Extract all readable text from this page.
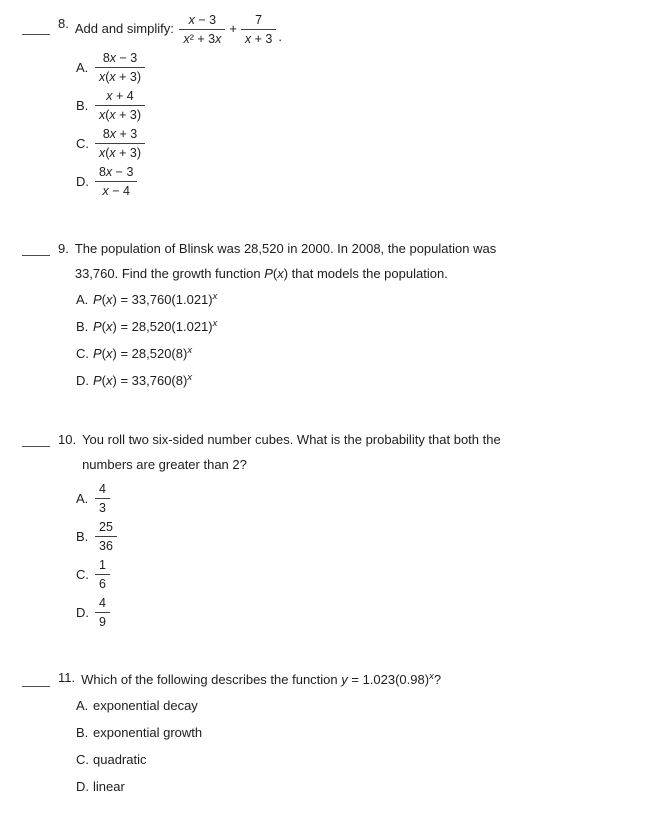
8. Add and simplify: $\frac{x - 3}{\text{x² + 3x}} + \frac{7}{x + 3}$ .
A. $\frac{8x - 3}{x(x + 3)}$
B. $\frac{x + 4}{x(x + 3)}$
C. $\frac{8x + 3}{x(x + 3)}$
D. $\frac{8x - 3}{x - 4}$
9. The population of Blinsk was 28,520 in 2000. In 2008, the population was
33,760. Find the growth function P(x) that models the population.
A. $P(x) = 33,760(1.021)^x$
B. $P(x) = 28,520(1.021)^x$
C. $P(x) = 28,520(8)^x$
D. $P(x) = 33,760(8)^x$
10. You roll two six-sided number cubes. What is the probability that both the
numbers are greater than 2?
A. $\frac{4}{3}$
B. $\frac{25}{36}$
C. $\frac{1}{6}$
D. $\frac{4}{9}$
11. Which of the following describes the function $y = 1.023(0.98)^x$?
A. exponential decay
B. exponential growth
C. quadratic
D. linear
